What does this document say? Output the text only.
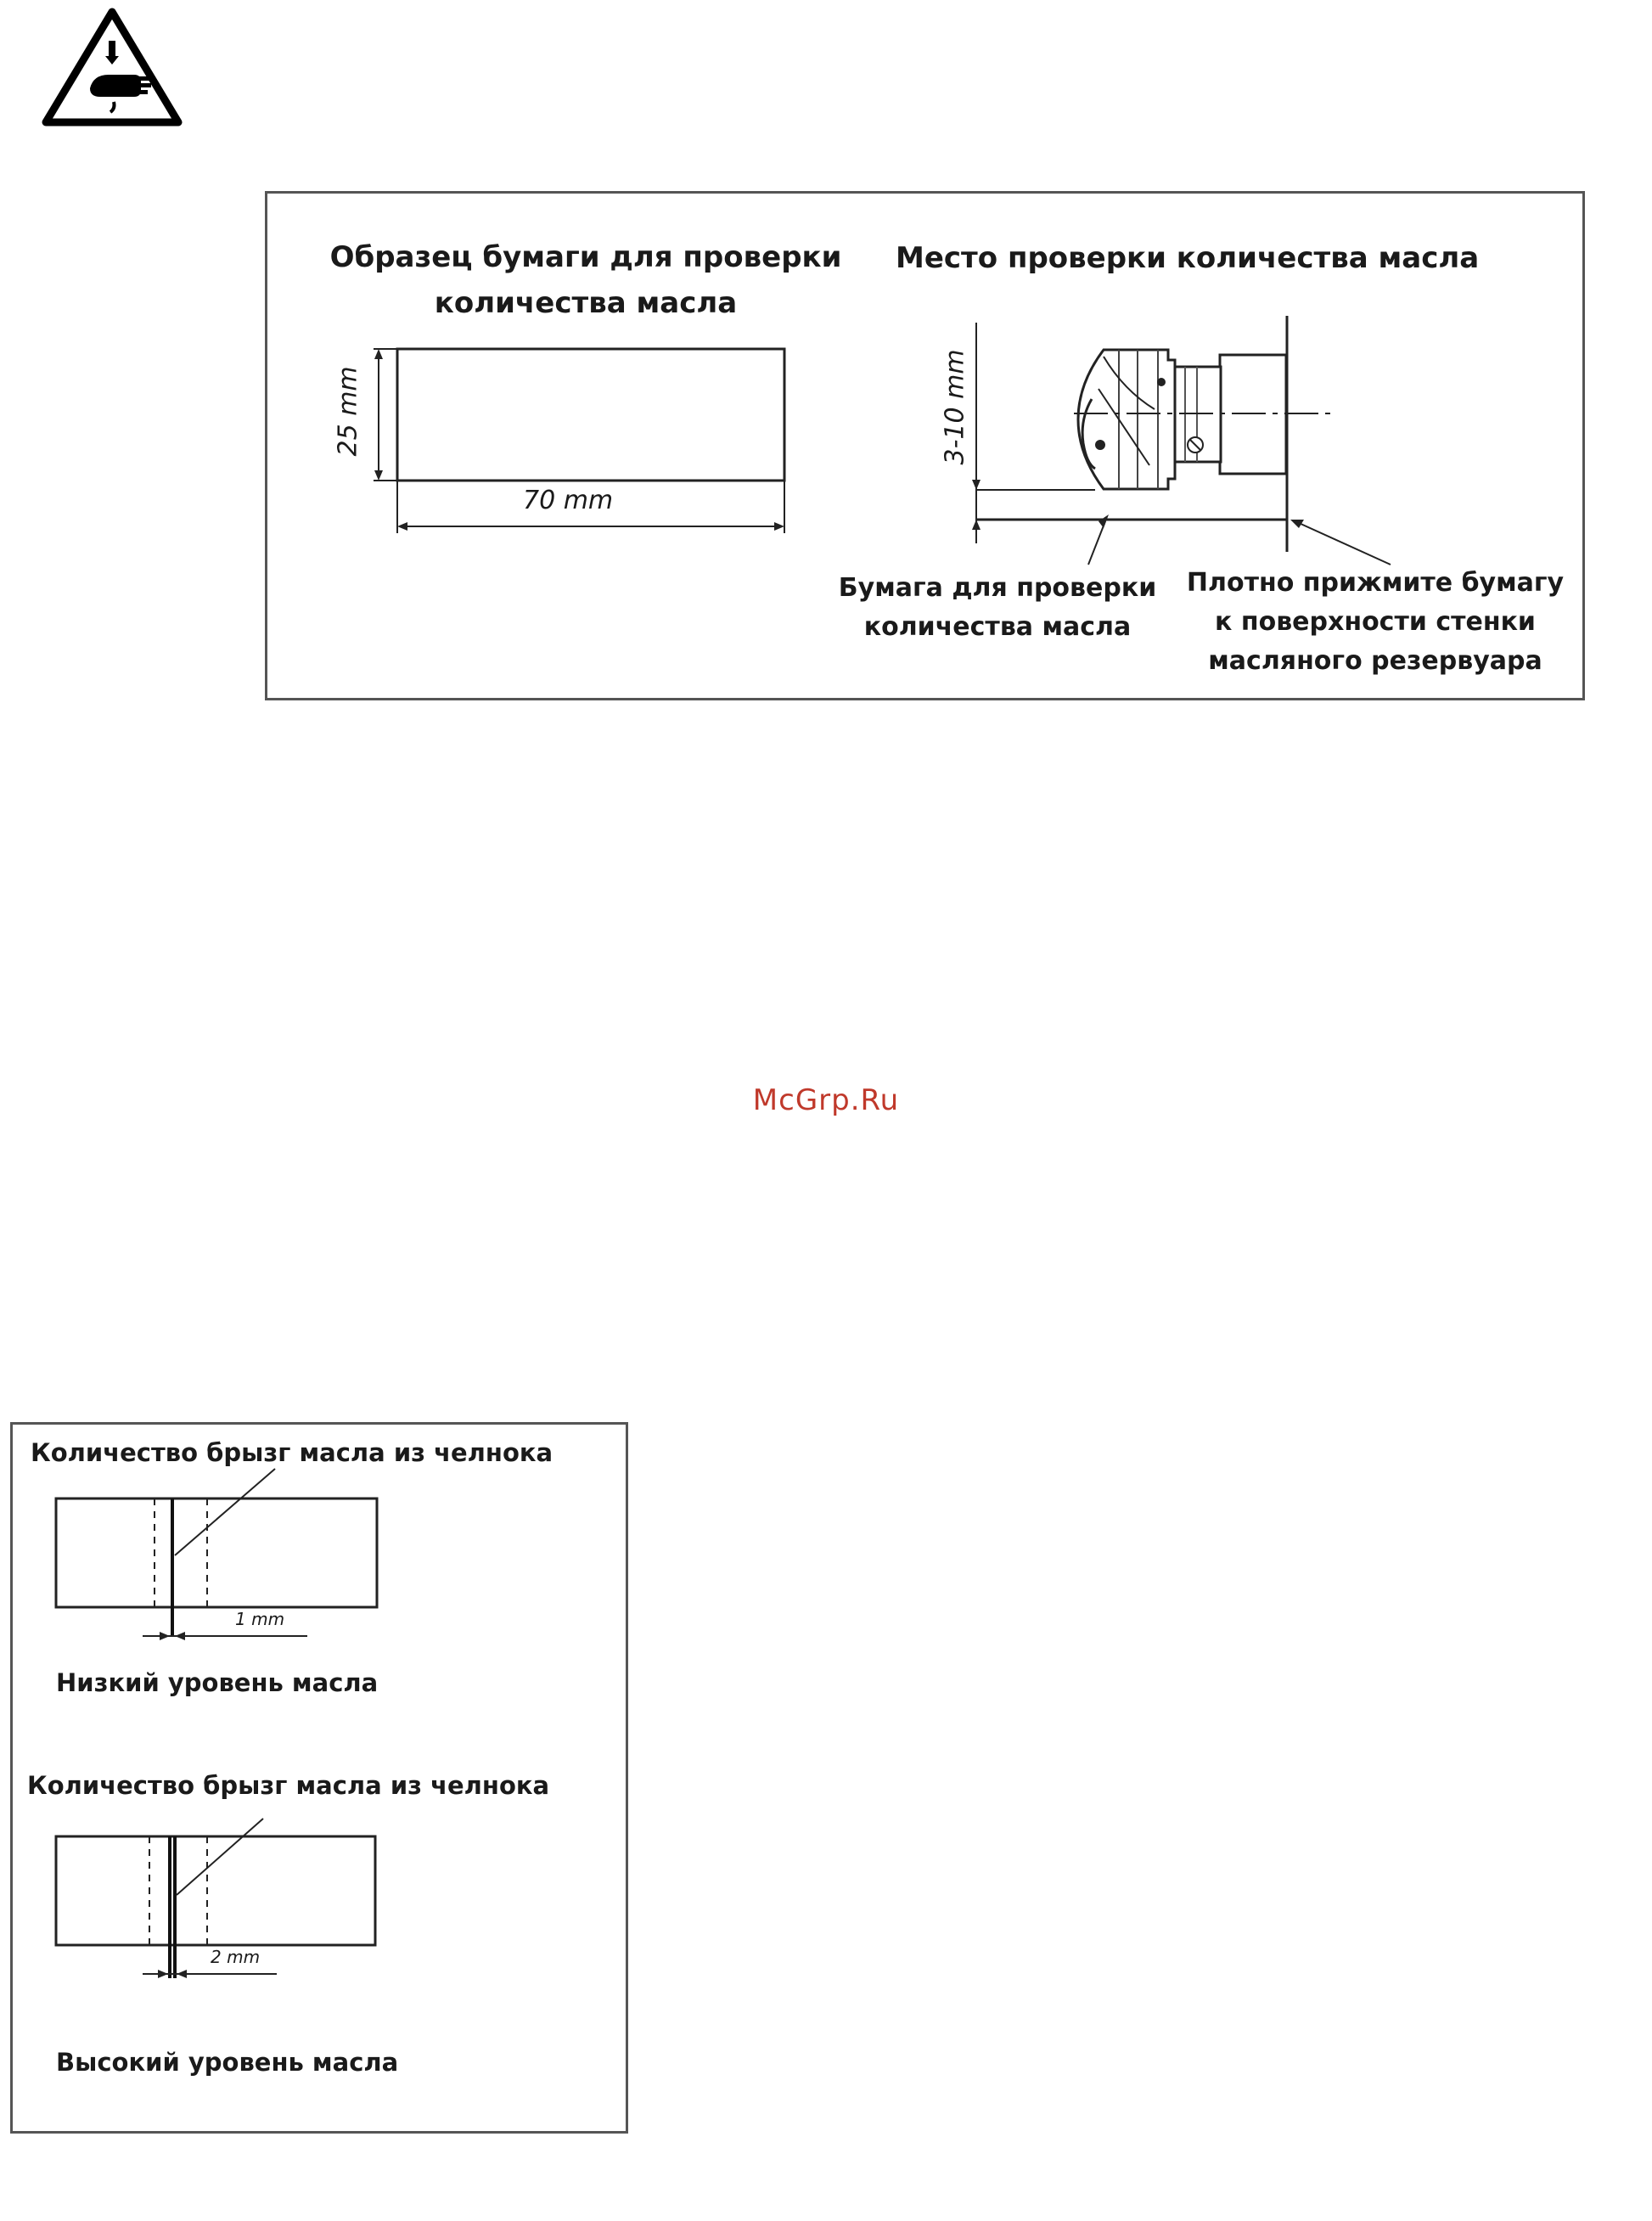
Образец бумаги для проверки
количества масла
Место проверки количества масла
25 mm
70 mm
3-10 mm
Бумага для проверки
количества масла
Плотно прижмите бумагу
к поверхности стенки
масляного резервуара
McGrp.Ru
Количество брызг масла из челнока
1 mm
Низкий уровень масла
Количество брызг масла из челнока
2 mm
Высокий уровень масла
